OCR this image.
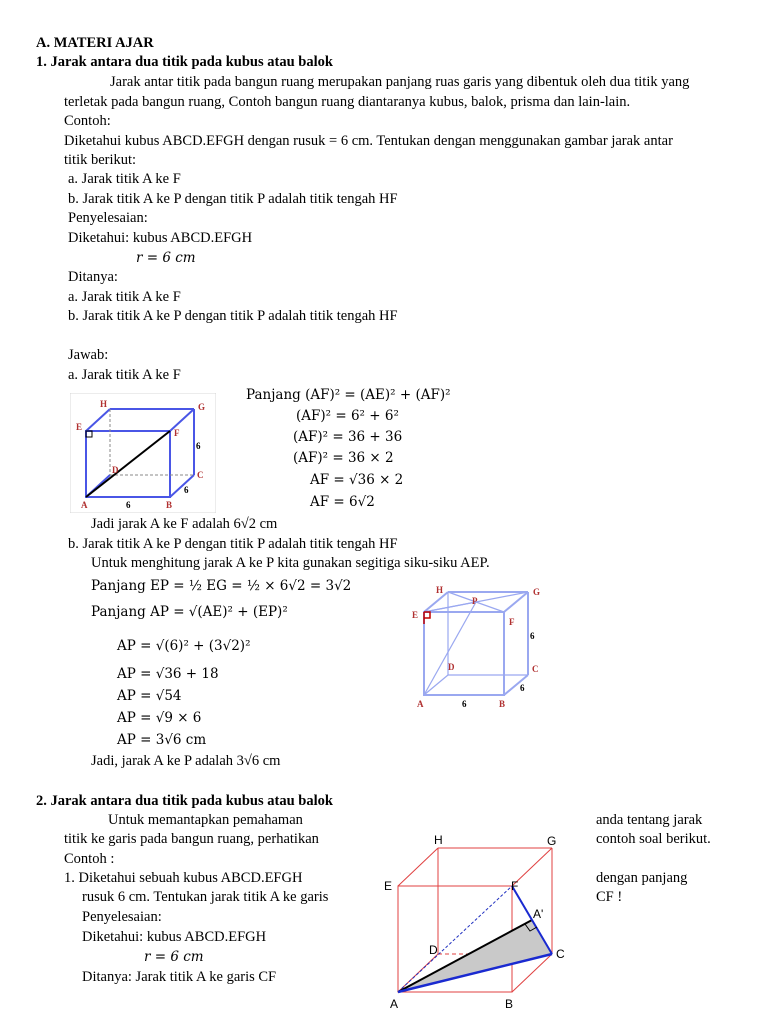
A. MATERI AJAR
1. Jarak antara dua titik pada kubus atau balok
Jarak antar titik pada bangun ruang merupakan panjang ruas garis yang dibentuk oleh dua titik yang
terletak pada bangun ruang, Contoh bangun ruang diantaranya kubus, balok, prisma dan lain-lain.
Contoh:
Diketahui kubus ABCD.EFGH dengan rusuk = 6 cm. Tentukan dengan menggunakan gambar jarak antar
titik berikut:
a. Jarak titik A ke F
b. Jarak titik A ke P dengan titik P adalah titik tengah HF
Penyelesaian:
Diketahui: kubus ABCD.EFGH
r = 6 cm
Ditanya:
a. Jarak titik A ke F
b. Jarak titik A ke P dengan titik P adalah titik tengah HF
Jawab:
a. Jarak titik A ke F
Panjang (AF)² = (AE)² + (AF)²
(AF)² = 6² + 6²
(AF)² = 36 + 36
(AF)² = 36 × 2
AF = √36 × 2
AF = 6√2
H	G
E
F
D	C
A	B
6
6
6
Jadi jarak A ke F adalah 6√2 cm
b. Jarak titik A ke P dengan titik P adalah titik tengah HF
Untuk menghitung jarak A ke P kita gunakan segitiga siku-siku AEP.
Panjang EP = ½ EG = ½ × 6√2 = 3√2
Panjang AP = √(AE)² + (EP)²
AP = √(6)² + (3√2)²
AP = √36 + 18
AP = √54
AP = √9 × 6
AP = 3√6 cm
Jadi, jarak A ke P adalah 3√6 cm
H	G
P
E
F
D	C
A	B
6
6
6
2. Jarak antara dua titik pada kubus atau balok
Untuk memantapkan pemahaman	anda tentang jarak
titik ke garis pada bangun ruang, perhatikan	contoh soal berikut.
Contoh :
1. Diketahui sebuah kubus ABCD.EFGH	dengan panjang
rusuk 6 cm. Tentukan jarak titik A ke garis	CF !
Penyelesaian:
Diketahui: kubus ABCD.EFGH
r = 6 cm
Ditanya: Jarak titik A ke garis CF
H	G
E	F
A'
D	C
A	B
